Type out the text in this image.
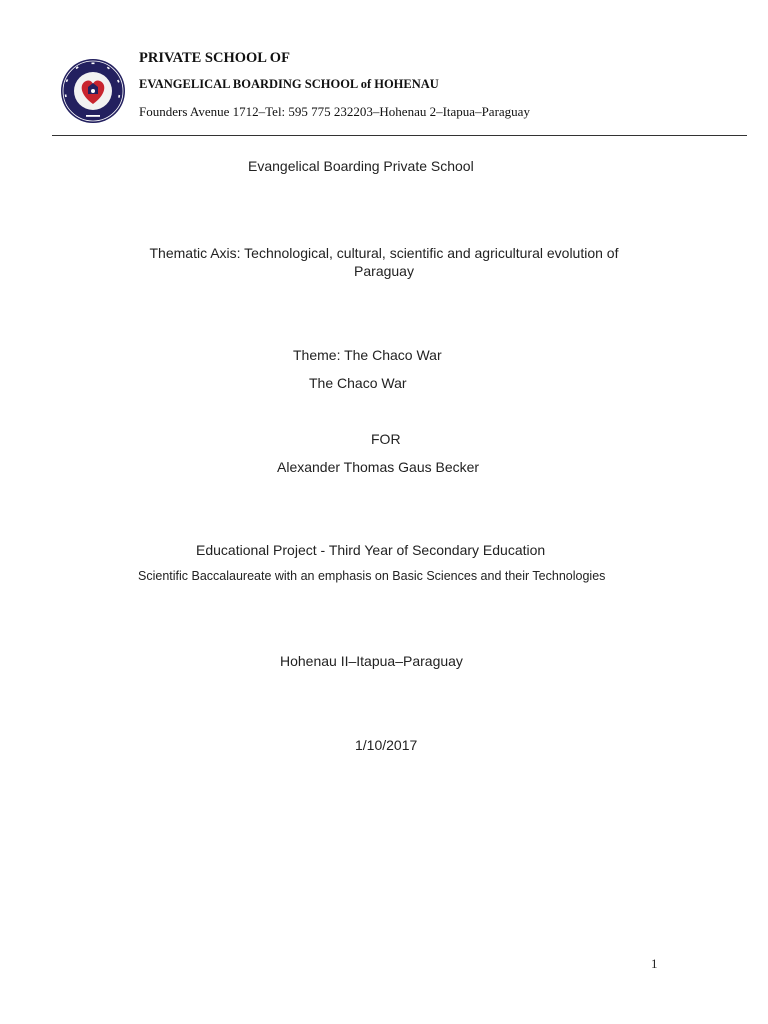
PRIVATE SCHOOL OF
EVANGELICAL BOARDING SCHOOL of HOHENAU
Founders Avenue 1712–Tel: 595 775 232203–Hohenau 2–Itapua–Paraguay
Evangelical Boarding Private School
Thematic Axis: Technological, cultural, scientific and agricultural evolution of
Paraguay
Theme: The Chaco War
The Chaco War
FOR
Alexander Thomas Gaus Becker
Educational Project - Third Year of Secondary Education
Scientific Baccalaureate with an emphasis on Basic Sciences and their Technologies
Hohenau II–Itapua–Paraguay
1/10/2017
1
